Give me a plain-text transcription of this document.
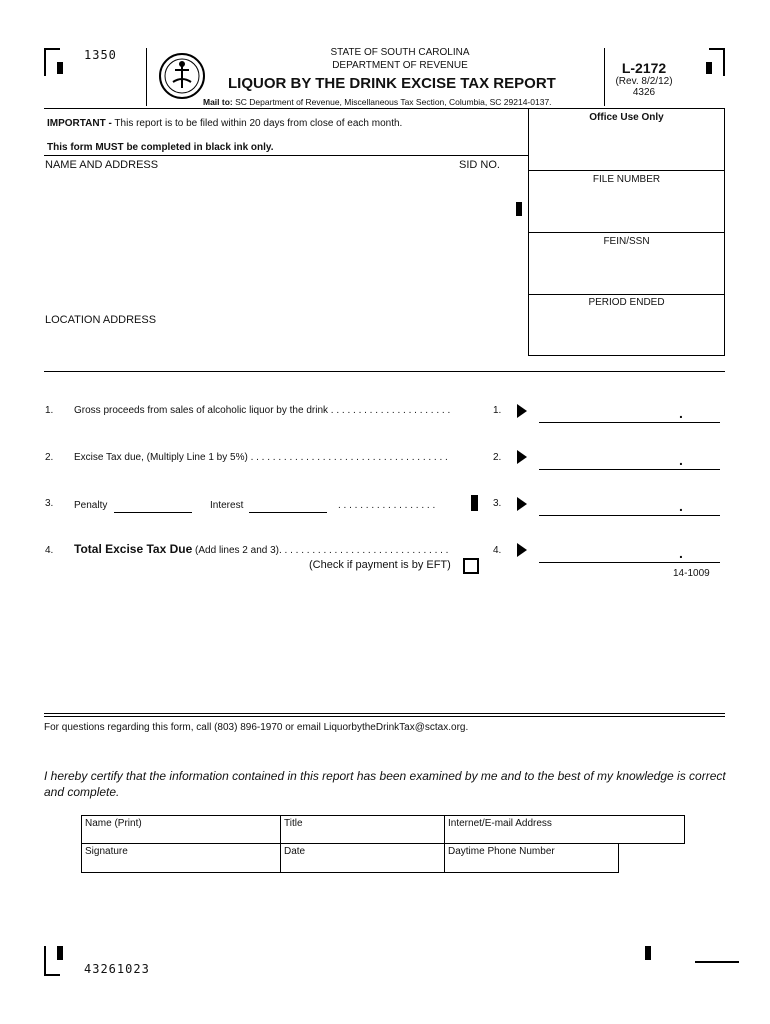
1350	STATE OF SOUTH CAROLINA
DEPARTMENT OF REVENUE
LIQUOR BY THE DRINK EXCISE TAX REPORT
Mail to: SC Department of Revenue, Miscellaneous Tax Section, Columbia, SC 29214-0137.
L-2172
(Rev. 8/2/12)
4326
Office Use Only
FILE NUMBER
FEIN/SSN
PERIOD ENDED
IMPORTANT - This report is to be filed within 20 days from close of each month.
This form MUST be completed in black ink only.
NAME AND ADDRESS	SID NO.
LOCATION ADDRESS
1. Gross proceeds from sales of alcoholic liquor by the drink . . . . . . . . . . . . . . . . . . . . . .	1.	.
2. Excise Tax due, (Multiply Line 1 by 5%) . . . . . . . . . . . . . . . . . . . . . . . . . . . . . . . . . . . .	2.	.
3. Penalty	Interest	. . . . . . . . . . . . . . . . . .	3.	.
4. Total Excise Tax Due (Add lines 2 and 3). . . . . . . . . . . . . . . . . . . . . . . . . . . . . . .	4.	.
(Check if payment is by EFT)
14-1009
For questions regarding this form, call (803) 896-1970 or email LiquorbytheDrinkTax@sctax.org.
I hereby certify that the information contained in this report has been examined by me and to the best of my knowledge is correct and complete.
Name (Print)	Title	Internet/E-mail Address
Signature	Date	Daytime Phone Number
43261023
